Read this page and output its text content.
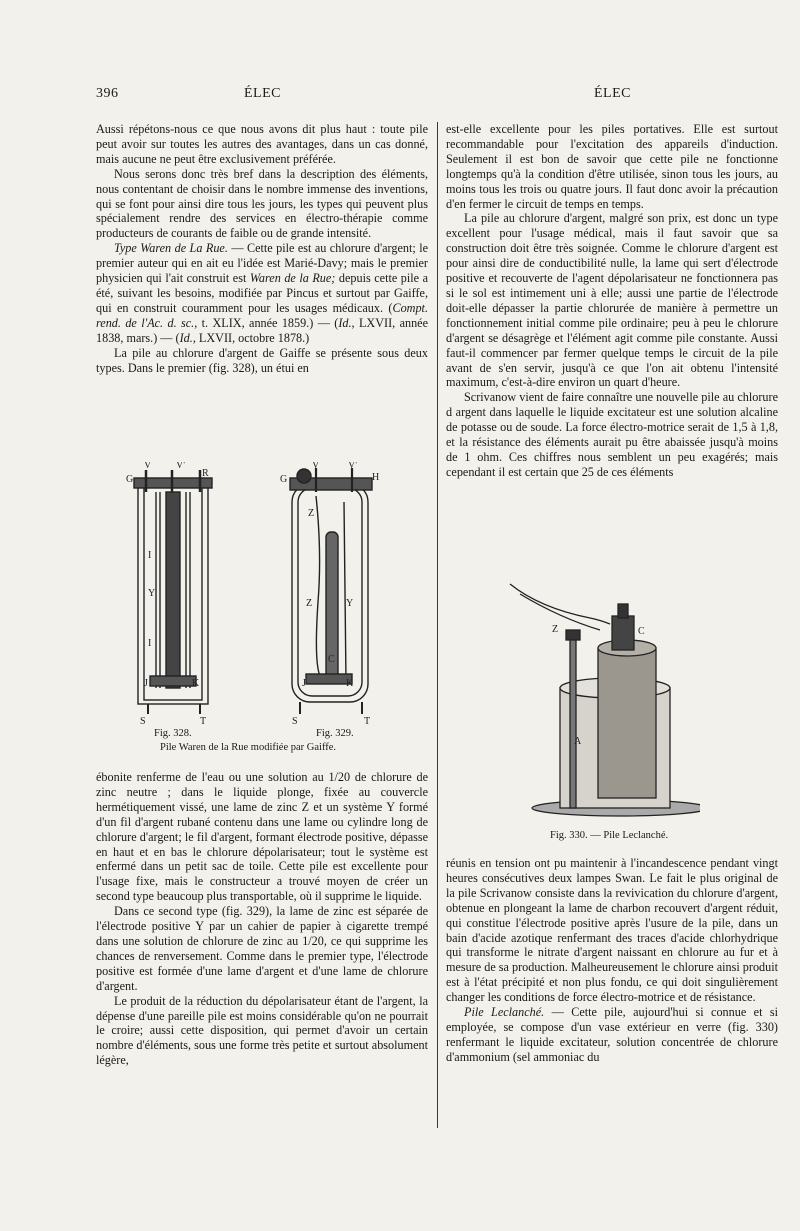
396	ÉLEC	ÉLEC

Aussi répétons-nous ce que nous avons dit plus haut : toute pile peut avoir sur toutes les autres des avantages, dans un cas donné, mais aucune ne peut être exclusivement préférée.

Nous serons donc très bref dans la description des éléments, nous contentant de choisir dans le nombre immense des inventions, qui se font pour ainsi dire tous les jours, les types qui peuvent plus spécialement rendre des services en électro-thérapie comme producteurs de courants de faible ou de grande intensité.

Type Waren de La Rue. — Cette pile est au chlorure d'argent; le premier auteur qui en ait eu l'idée est Marié-Davy; mais le premier physicien qui l'ait construit est Waren de la Rue; depuis cette pile a été, suivant les besoins, modifiée par Pincus et surtout par Gaiffe, qui en construit couramment pour les usages médicaux. (Compt. rend. de l'Ac. d. sc., t. XLIX, année 1859.) — (Id., LXVII, année 1838, mars.) — (Id., LXVII, octobre 1878.)

La pile au chlorure d'argent de Gaiffe se présente sous deux types. Dans le premier (fig. 328), un étui en

G
V V'
R
I
Y
I
J	K
S	T
G
V	V'
H
Z
Z	Y
C
J	K
S	T
Fig. 328.	Fig. 329.
Pile Waren de la Rue modifiée par Gaiffe.

ébonite renferme de l'eau ou une solution au 1/20 de chlorure de zinc neutre ; dans le liquide plonge, fixée au couvercle hermétiquement vissé, une lame de zinc Z et un système Y formé d'un fil d'argent rubané contenu dans une lame ou cylindre long de chlorure d'argent; le fil d'argent, formant électrode positive, dépasse en haut et en bas le chlorure dépolarisateur; tout le système est enfermé dans un petit sac de toile. Cette pile est excellente pour l'usage fixe, mais le constructeur a trouvé moyen de créer un second type beaucoup plus transportable, où il supprime le liquide.

Dans ce second type (fig. 329), la lame de zinc est séparée de l'électrode positive Y par un cahier de papier à cigarette trempé dans une solution de chlorure de zinc au 1/20, ce qui supprime les chances de renversement. Comme dans le premier type, l'électrode positive est formée d'une lame d'argent et d'une lame de chlorure d'argent.

Le produit de la réduction du dépolarisateur étant de l'argent, la dépense d'une pareille pile est moins considérable qu'on ne pourrait le croire; aussi cette disposition, qui permet d'avoir un certain nombre d'éléments, sous une forme très petite et surtout absolument légère,

est-elle excellente pour les piles portatives. Elle est surtout recommandable pour l'excitation des appareils d'induction. Seulement il est bon de savoir que cette pile ne fonctionne longtemps qu'à la condition d'être utilisée, sinon tous les jours, au moins tous les trois ou quatre jours. Il faut donc avoir la précaution d'en fermer le circuit de temps en temps.

La pile au chlorure d'argent, malgré son prix, est donc un type excellent pour l'usage médical, mais il faut savoir que sa construction doit être très soignée. Comme le chlorure d'argent est pour ainsi dire de conductibilité nulle, la lame qui sert d'électrode positive et recouverte de l'agent dépolarisateur ne fonctionnera pas si le sol est intimement uni à elle; aussi une partie de l'électrode doit-elle dépasser la partie chlorurée de manière à permettre un fonctionnement initial comme pile ordinaire; peu à peu le chlorure d'argent se désagrège et l'élément agit comme pile constante. Aussi faut-il commencer par fermer quelque temps le circuit de la pile avant de s'en servir, jusqu'à ce que l'on ait obtenu l'intensité maximum, c'est-à-dire environ un quart d'heure.

Scrivanow vient de faire connaître une nouvelle pile au chlorure d argent dans laquelle le liquide excitateur est une solution alcaline de potasse ou de soude. La force électro-motrice serait de 1,5 à 1,8, et la résistance des éléments aurait pu être abaissée jusqu'à moins de 1 ohm. Ces chiffres nous semblent un peu exagérés; mais cependant il est certain que 25 de ces éléments

Z	C
A
Fig. 330. — Pile Leclanché.

réunis en tension ont pu maintenir à l'incandescence pendant vingt heures consécutives deux lampes Swan. Le fait le plus original de la pile Scrivanow consiste dans la revivication du chlorure d'argent, obtenue en plongeant la lame de charbon recouvert d'argent réduit, qui constitue l'électrode positive après l'usure de la pile, dans un bain d'acide azotique renfermant des traces d'acide chlorhydrique qui transforme le nitrate d'argent naissant en chlorure au fur et à mesure de sa production. Malheureusement le chlorure ainsi produit est à l'état précipité et non plus fondu, ce qui doit singulièrement changer les conditions de force électro-motrice et de résistance.

Pile Leclanché. — Cette pile, aujourd'hui si connue et si employée, se compose d'un vase extérieur en verre (fig. 330) renfermant le liquide excitateur, solution concentrée de chlorure d'ammonium (sel ammoniac du
